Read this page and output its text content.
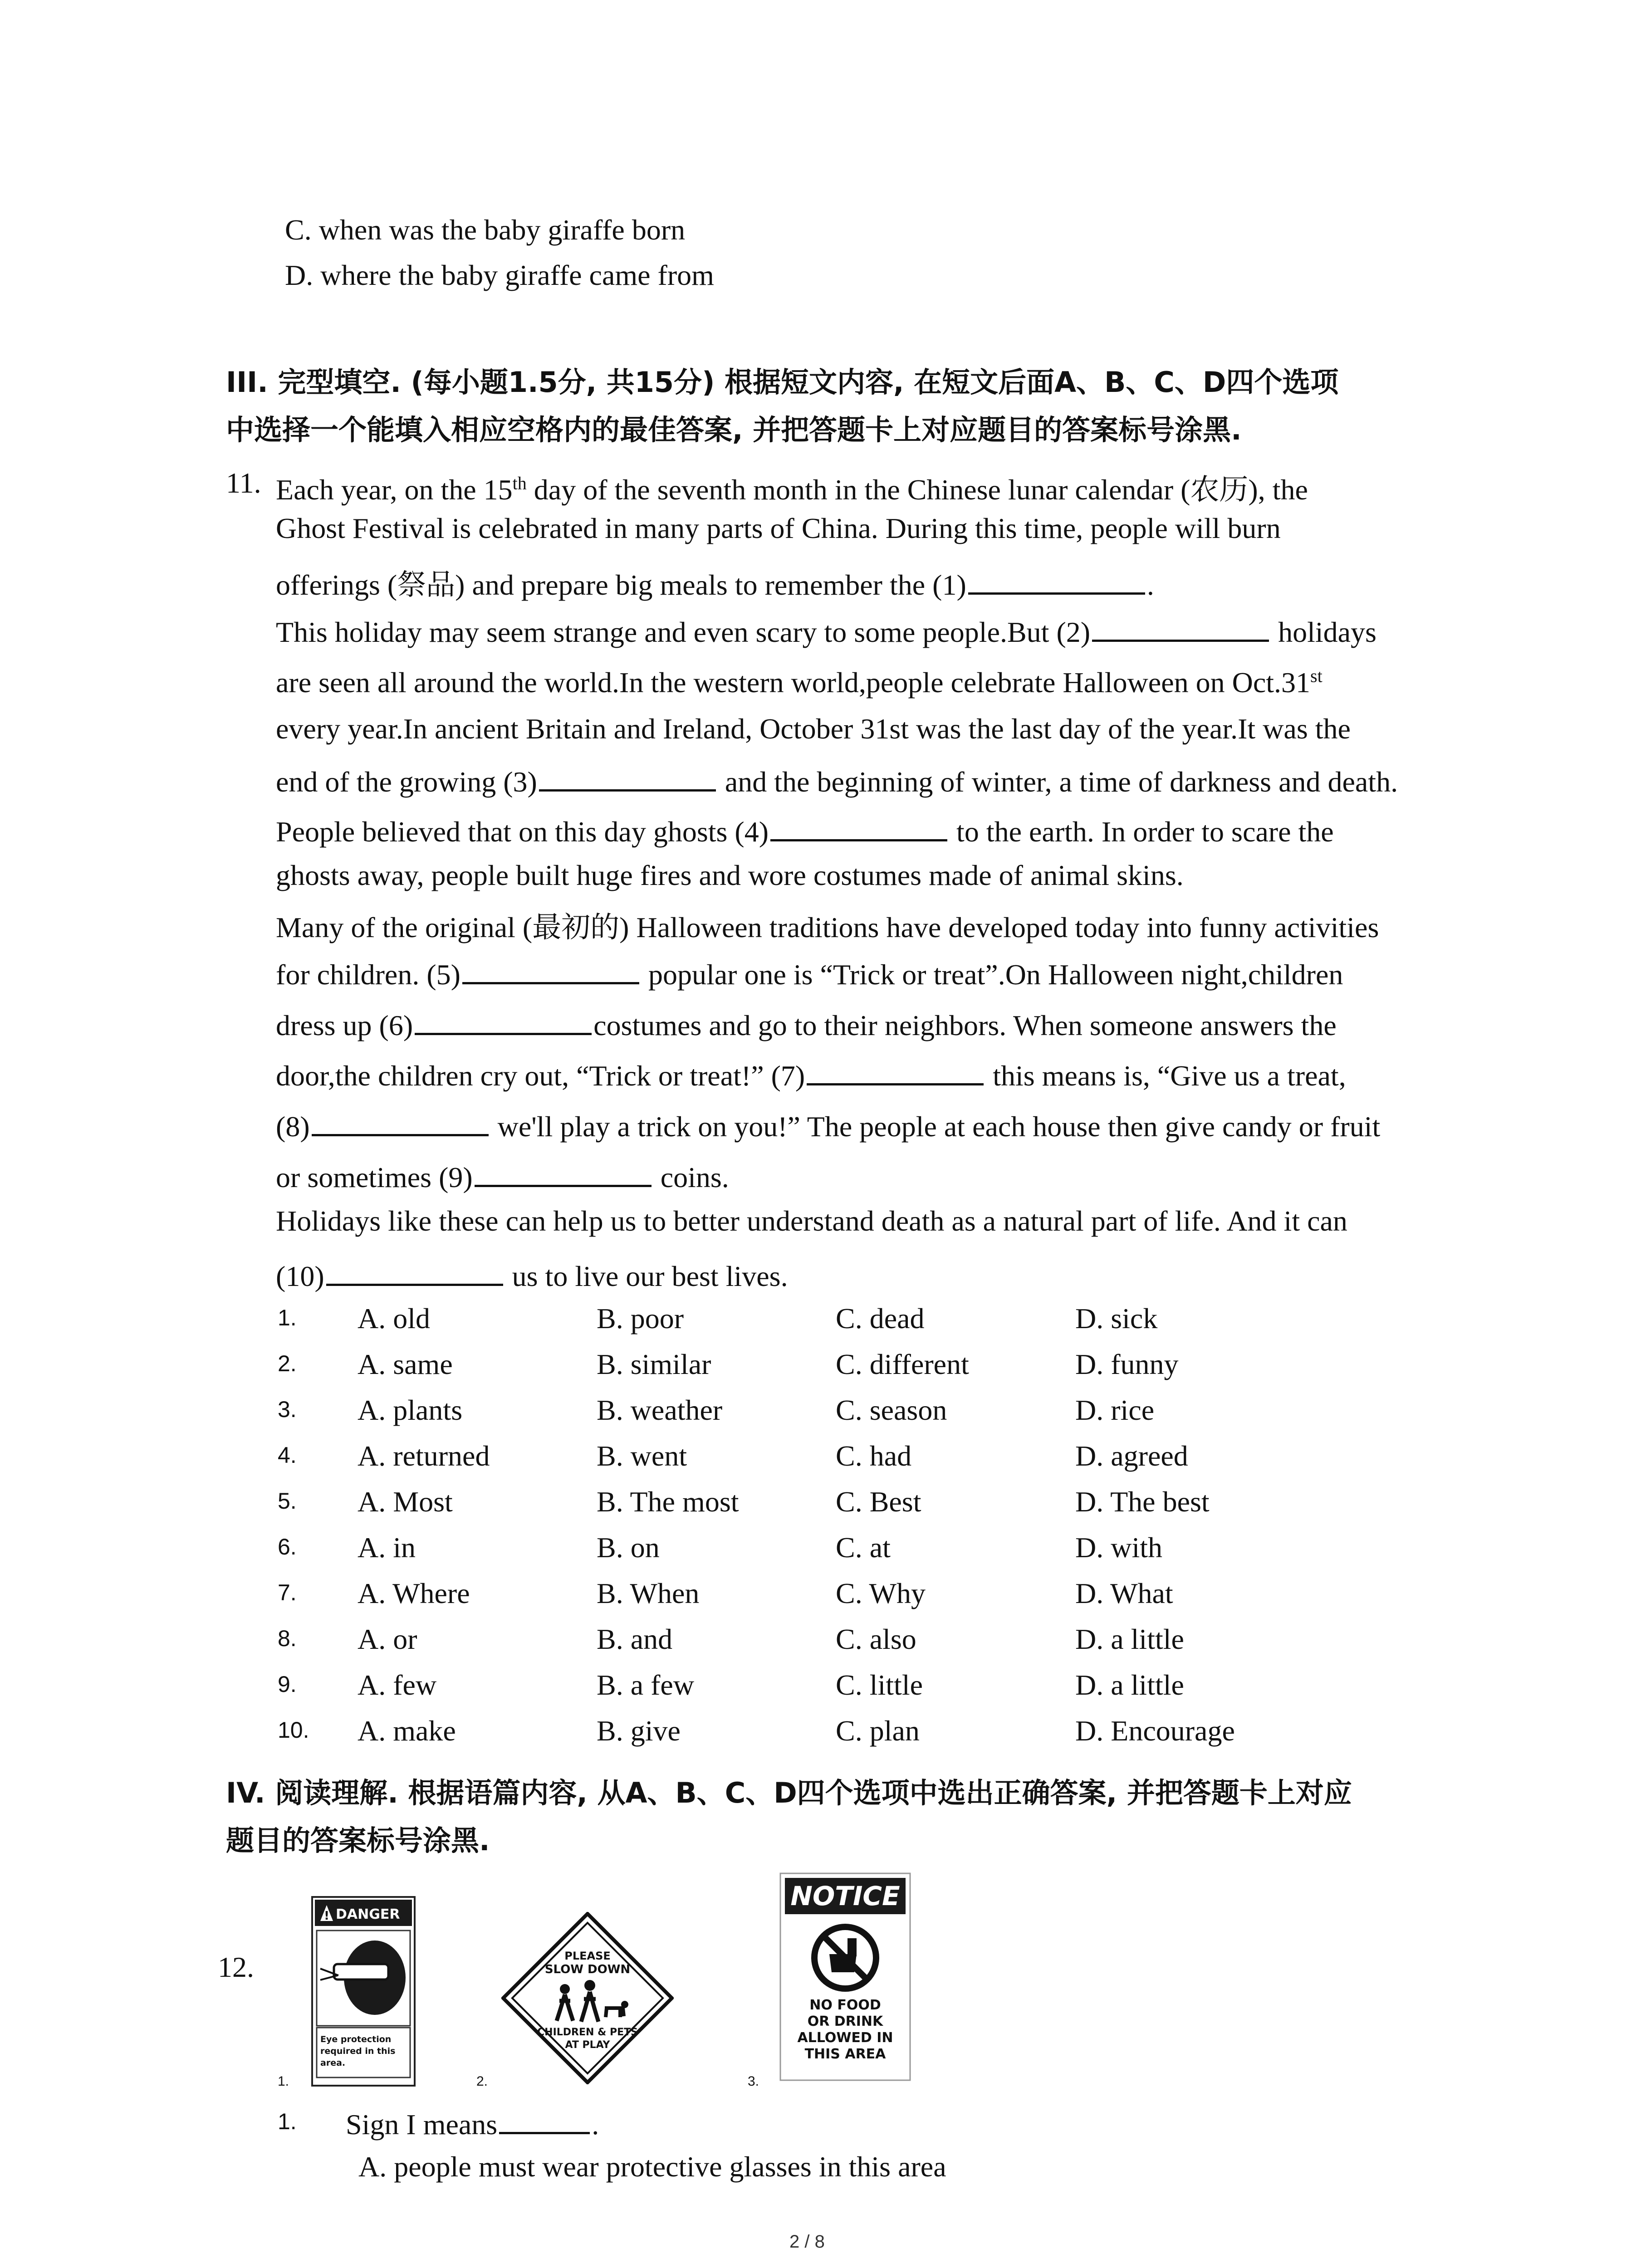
C. when was the baby giraffe born
D. where the baby giraffe came from
III. 完型填空. (每小题1.5分, 共15分) 根据短文内容, 在短文后面A、B、C、D四个选项
中选择一个能填入相应空格内的最佳答案, 并把答题卡上对应题目的答案标号涂黑.
11. Each year, on the 15th day of the seventh month in the Chinese lunar calendar (农历), the
Ghost Festival is celebrated in many parts of China. During this time, people will burn
offerings (祭品) and prepare big meals to remember the (1)	.
This holiday may seem strange and even scary to some people.But (2)	holidays
are seen all around the world.In the western world,people celebrate Halloween on Oct.31st
every year.In ancient Britain and Ireland, October 31st was the last day of the year.It was the
end of the growing (3)	and the beginning of winter, a time of darkness and death.
People believed that on this day ghosts (4)	to the earth. In order to scare the
ghosts away, people built huge fires and wore costumes made of animal skins.
Many of the original (最初的) Halloween traditions have developed today into funny activities
for children. (5)	popular one is “Trick or treat”.On Halloween night,children
dress up (6)	costumes and go to their neighbors. When someone answers the
door,the children cry out, “Trick or treat!” (7)	this means is, “Give us a treat,
(8)	we'll play a trick on you!” The people at each house then give candy or fruit
or sometimes (9)	coins.
Holidays like these can help us to better understand death as a natural part of life. And it can
(10)	us to live our best lives.
1. A. old	B. poor	C. dead	D. sick
2. A. same	B. similar	C. different	D. funny
3. A. plants	B. weather	C. season	D. rice
4. A. returned	B. went	C. had	D. agreed
5. A. Most	B. The most	C. Best	D. The best
6. A. in	B. on	C. at	D. with
7. A. Where	B. When	C. Why	D. What
8. A. or	B. and	C. also	D. a little
9. A. few	B. a few	C. little	D. a little
10. A. make	B. give	C. plan	D. Encourage
IV. 阅读理解. 根据语篇内容, 从A、B、C、D四个选项中选出正确答案, 并把答题卡上对应
题目的答案标号涂黑.
12.
! DANGER
Eye protection
required in this
area.
1.
PLEASE
SLOW DOWN
CHILDREN & PETS
AT PLAY
2.
NOTICE
NO FOOD
OR DRINK
ALLOWED IN
THIS AREA
3.
1. Sign I means	.
A. people must wear protective glasses in this area
2 / 8
